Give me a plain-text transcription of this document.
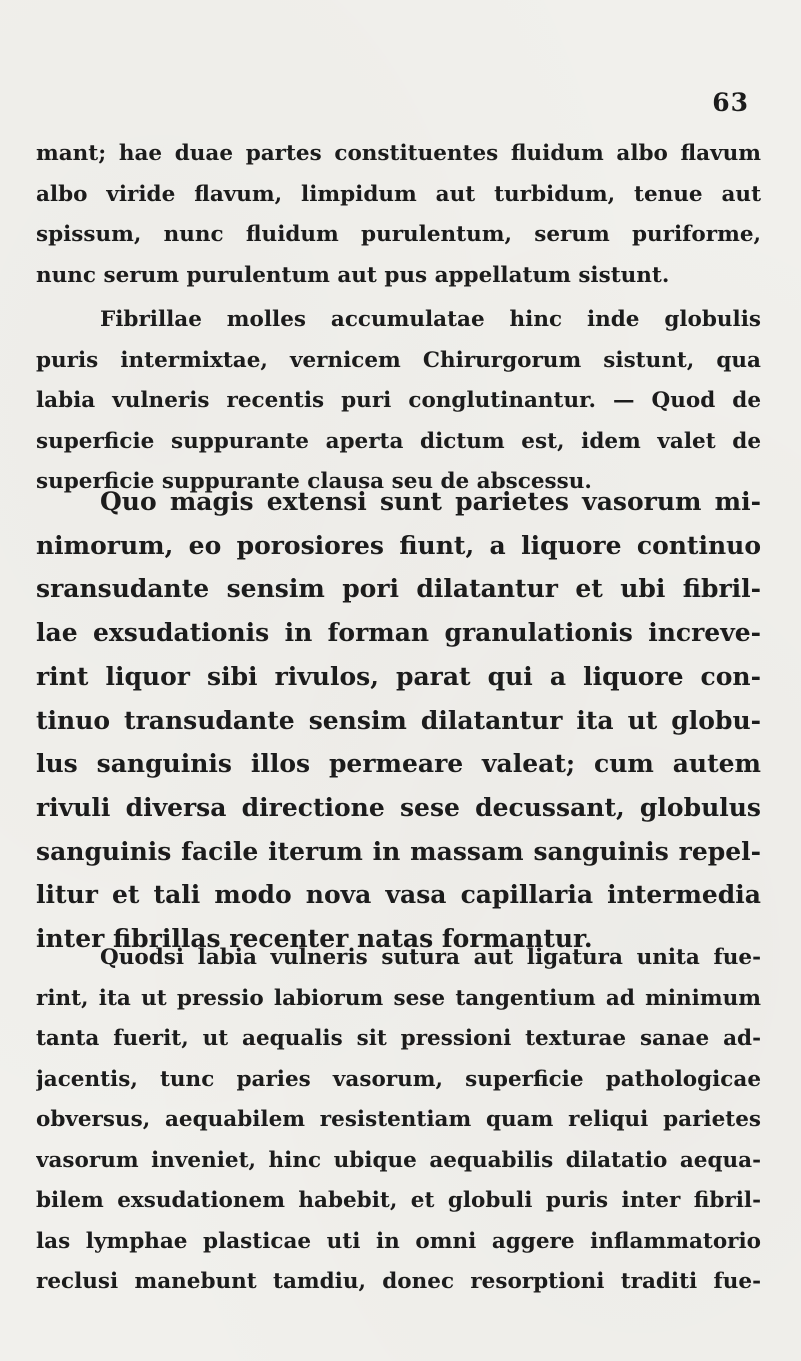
63

mant; hae duae partes constituentes fluidum albo flavum
albo viride flavum, limpidum aut turbidum, tenue aut
spissum, nunc fluidum purulentum, serum puriforme,
nunc serum purulentum aut pus appellatum sistunt.

Fibrillae molles accumulatae hinc inde globulis
puris intermixtae, vernicem Chirurgorum sistunt, qua
labia vulneris recentis puri conglutinantur. — Quod de
superficie suppurante aperta dictum est, idem valet de
superficie suppurante clausa seu de abscessu.

Quo magis extensi sunt parietes vasorum mi-
nimorum, eo porosiores fiunt, a liquore continuo
sransudante sensim pori dilatantur et ubi fibril-
lae exsudationis in forman granulationis increve-
rint liquor sibi rivulos, parat qui a liquore con-
tinuo transudante sensim dilatantur ita ut globu-
lus sanguinis illos permeare valeat; cum autem
rivuli diversa directione sese decussant, globulus
sanguinis facile iterum in massam sanguinis repel-
litur et tali modo nova vasa capillaria intermedia
inter fibrillas recenter natas formantur.

Quodsi labia vulneris sutura aut ligatura unita fue-
rint, ita ut pressio labiorum sese tangentium ad minimum
tanta fuerit, ut aequalis sit pressioni texturae sanae ad-
jacentis, tunc paries vasorum, superficie pathologicae
obversus, aequabilem resistentiam quam reliqui parietes
vasorum inveniet, hinc ubique aequabilis dilatatio aequa-
bilem exsudationem habebit, et globuli puris inter fibril-
las lymphae plasticae uti in omni aggere inflammatorio
reclusi manebunt tamdiu, donec resorptioni traditi fue-
